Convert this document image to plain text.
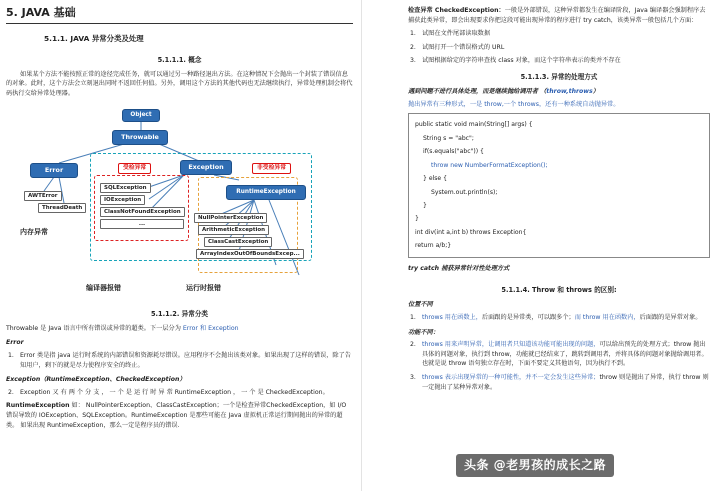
5. JAVA 基础
5.1.1. JAVA 异常分类及处理
5.1.1.1. 概念

如果某个方法不能按照正常的途径完成任务，就可以通过另一种路径退出方法。在这种情况下会抛出一个封装了错误信息的对象。此时，这个方法会立刻退出同时不返回任何值。另外，调用这个方法的其他代码也无法继续执行，异常处理机制会将代码执行交给异常处理器。

Object
Throwable
Error	Exception
AWTError
ThreadDeath
受检异常	非受检异常
SQLException
IOException
ClassNotFoundException
...
RuntimeException
NullPointerException
ArithmeticException
ClassCastException
ArrayIndexOutOfBoundsExcep...
内存异常
编译器报错	运行时报错
5.1.1.2. 异常分类

Throwable 是 Java 语言中所有错误或异常的超类。下一层分为 Error 和 Exception

Error
1. Error 类是指 java 运行时系统的内部错误和资源耗尽错误。应用程序不会抛出该类对象。如果出现了这样的错误，除了告知用户，剩下的就是尽力使程序安全的终止。
Exception（RuntimeException、CheckedException）
2. Exception 又 有 两 个 分 支 ， 一 个 是 运 行 时 异 常 RuntimeException ， 一 个 是 CheckedException。

RuntimeException 如： NullPointerException、ClassCastException；一个是检查异常CheckedException，如 I/O 错误导致的 IOException、SQLException。RuntimeException 是那些可能在 Java 虚拟机正常运行期间抛出的异常的超类。 如果出现 RuntimeException，那么一定是程序员的错误.

检查异常 CheckedException：一般是外部错误，这种异常都发生在编译阶段，Java 编译器会强制程序去捕获此类异常，即会出现要求你把这段可能出现异常的程序进行 try catch，该类异常一般包括几个方面：

1. 试图在文件尾部读取数据
2. 试图打开一个错误格式的 URL
3. 试图根据给定的字符串查找 class 对象，而这个字符串表示的类并不存在
5.1.1.3. 异常的处理方式
遇到问题不进行具体处理，而是继续抛给调用者 （throw,throws）

抛出异常有三种形式，一是 throw,一个 throws，还有一种系统自动抛异常。

public static void main(String[] args) {
String s = "abc";
if(s.equals("abc")) {
throw new NumberFormatException();
} else {
System.out.println(s);
}
}
int div(int a,int b) throws Exception{
return a/b;}
try catch 捕获异常针对性处理方式
5.1.1.4. Throw 和 throws 的区别:
位置不同
1. throws 用在函数上，后面跟的是异常类，可以跟多个；而 throw 用在函数内，后面跟的是异常对象。
功能不同：
2. throws 用来声明异常，让调用者只知道该功能可能出现的问题，可以给出预先的处理方式；throw 抛出具体的问题对象，执行到 throw，功能就已经结束了，跳转到调用者，并将具体的问题对象抛给调用者。也就是说 throw 语句独立存在时，下面不要定义其他语句，因为执行不到。
3. throws 表示出现异常的一种可能性，并不一定会发生这些异常；throw 则是抛出了异常，执行 throw 则一定抛出了某种异常对象。
头条 @老男孩的成长之路
